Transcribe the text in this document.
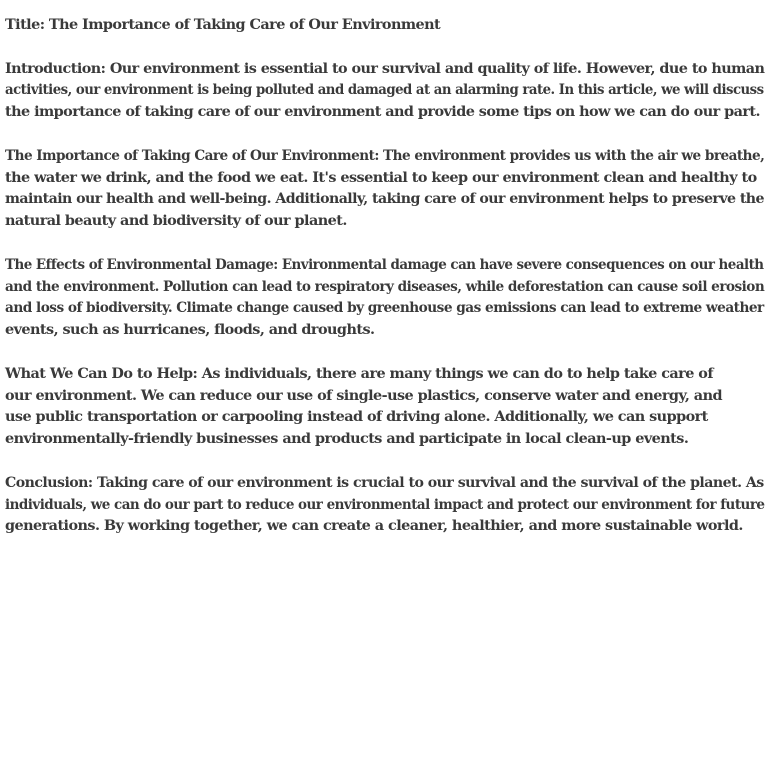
Title: The Importance of Taking Care of Our Environment
Introduction: Our environment is essential to our survival and quality of life. However, due to human
activities, our environment is being polluted and damaged at an alarming rate. In this article, we will discuss
the importance of taking care of our environment and provide some tips on how we can do our part.
The Importance of Taking Care of Our Environment: The environment provides us with the air we breathe,
the water we drink, and the food we eat. It's essential to keep our environment clean and healthy to
maintain our health and well-being. Additionally, taking care of our environment helps to preserve the
natural beauty and biodiversity of our planet.
The Effects of Environmental Damage: Environmental damage can have severe consequences on our health
and the environment. Pollution can lead to respiratory diseases, while deforestation can cause soil erosion
and loss of biodiversity. Climate change caused by greenhouse gas emissions can lead to extreme weather
events, such as hurricanes, floods, and droughts.
What We Can Do to Help: As individuals, there are many things we can do to help take care of
our environment. We can reduce our use of single-use plastics, conserve water and energy, and
use public transportation or carpooling instead of driving alone. Additionally, we can support
environmentally-friendly businesses and products and participate in local clean-up events.
Conclusion: Taking care of our environment is crucial to our survival and the survival of the planet. As
individuals, we can do our part to reduce our environmental impact and protect our environment for future
generations. By working together, we can create a cleaner, healthier, and more sustainable world.
